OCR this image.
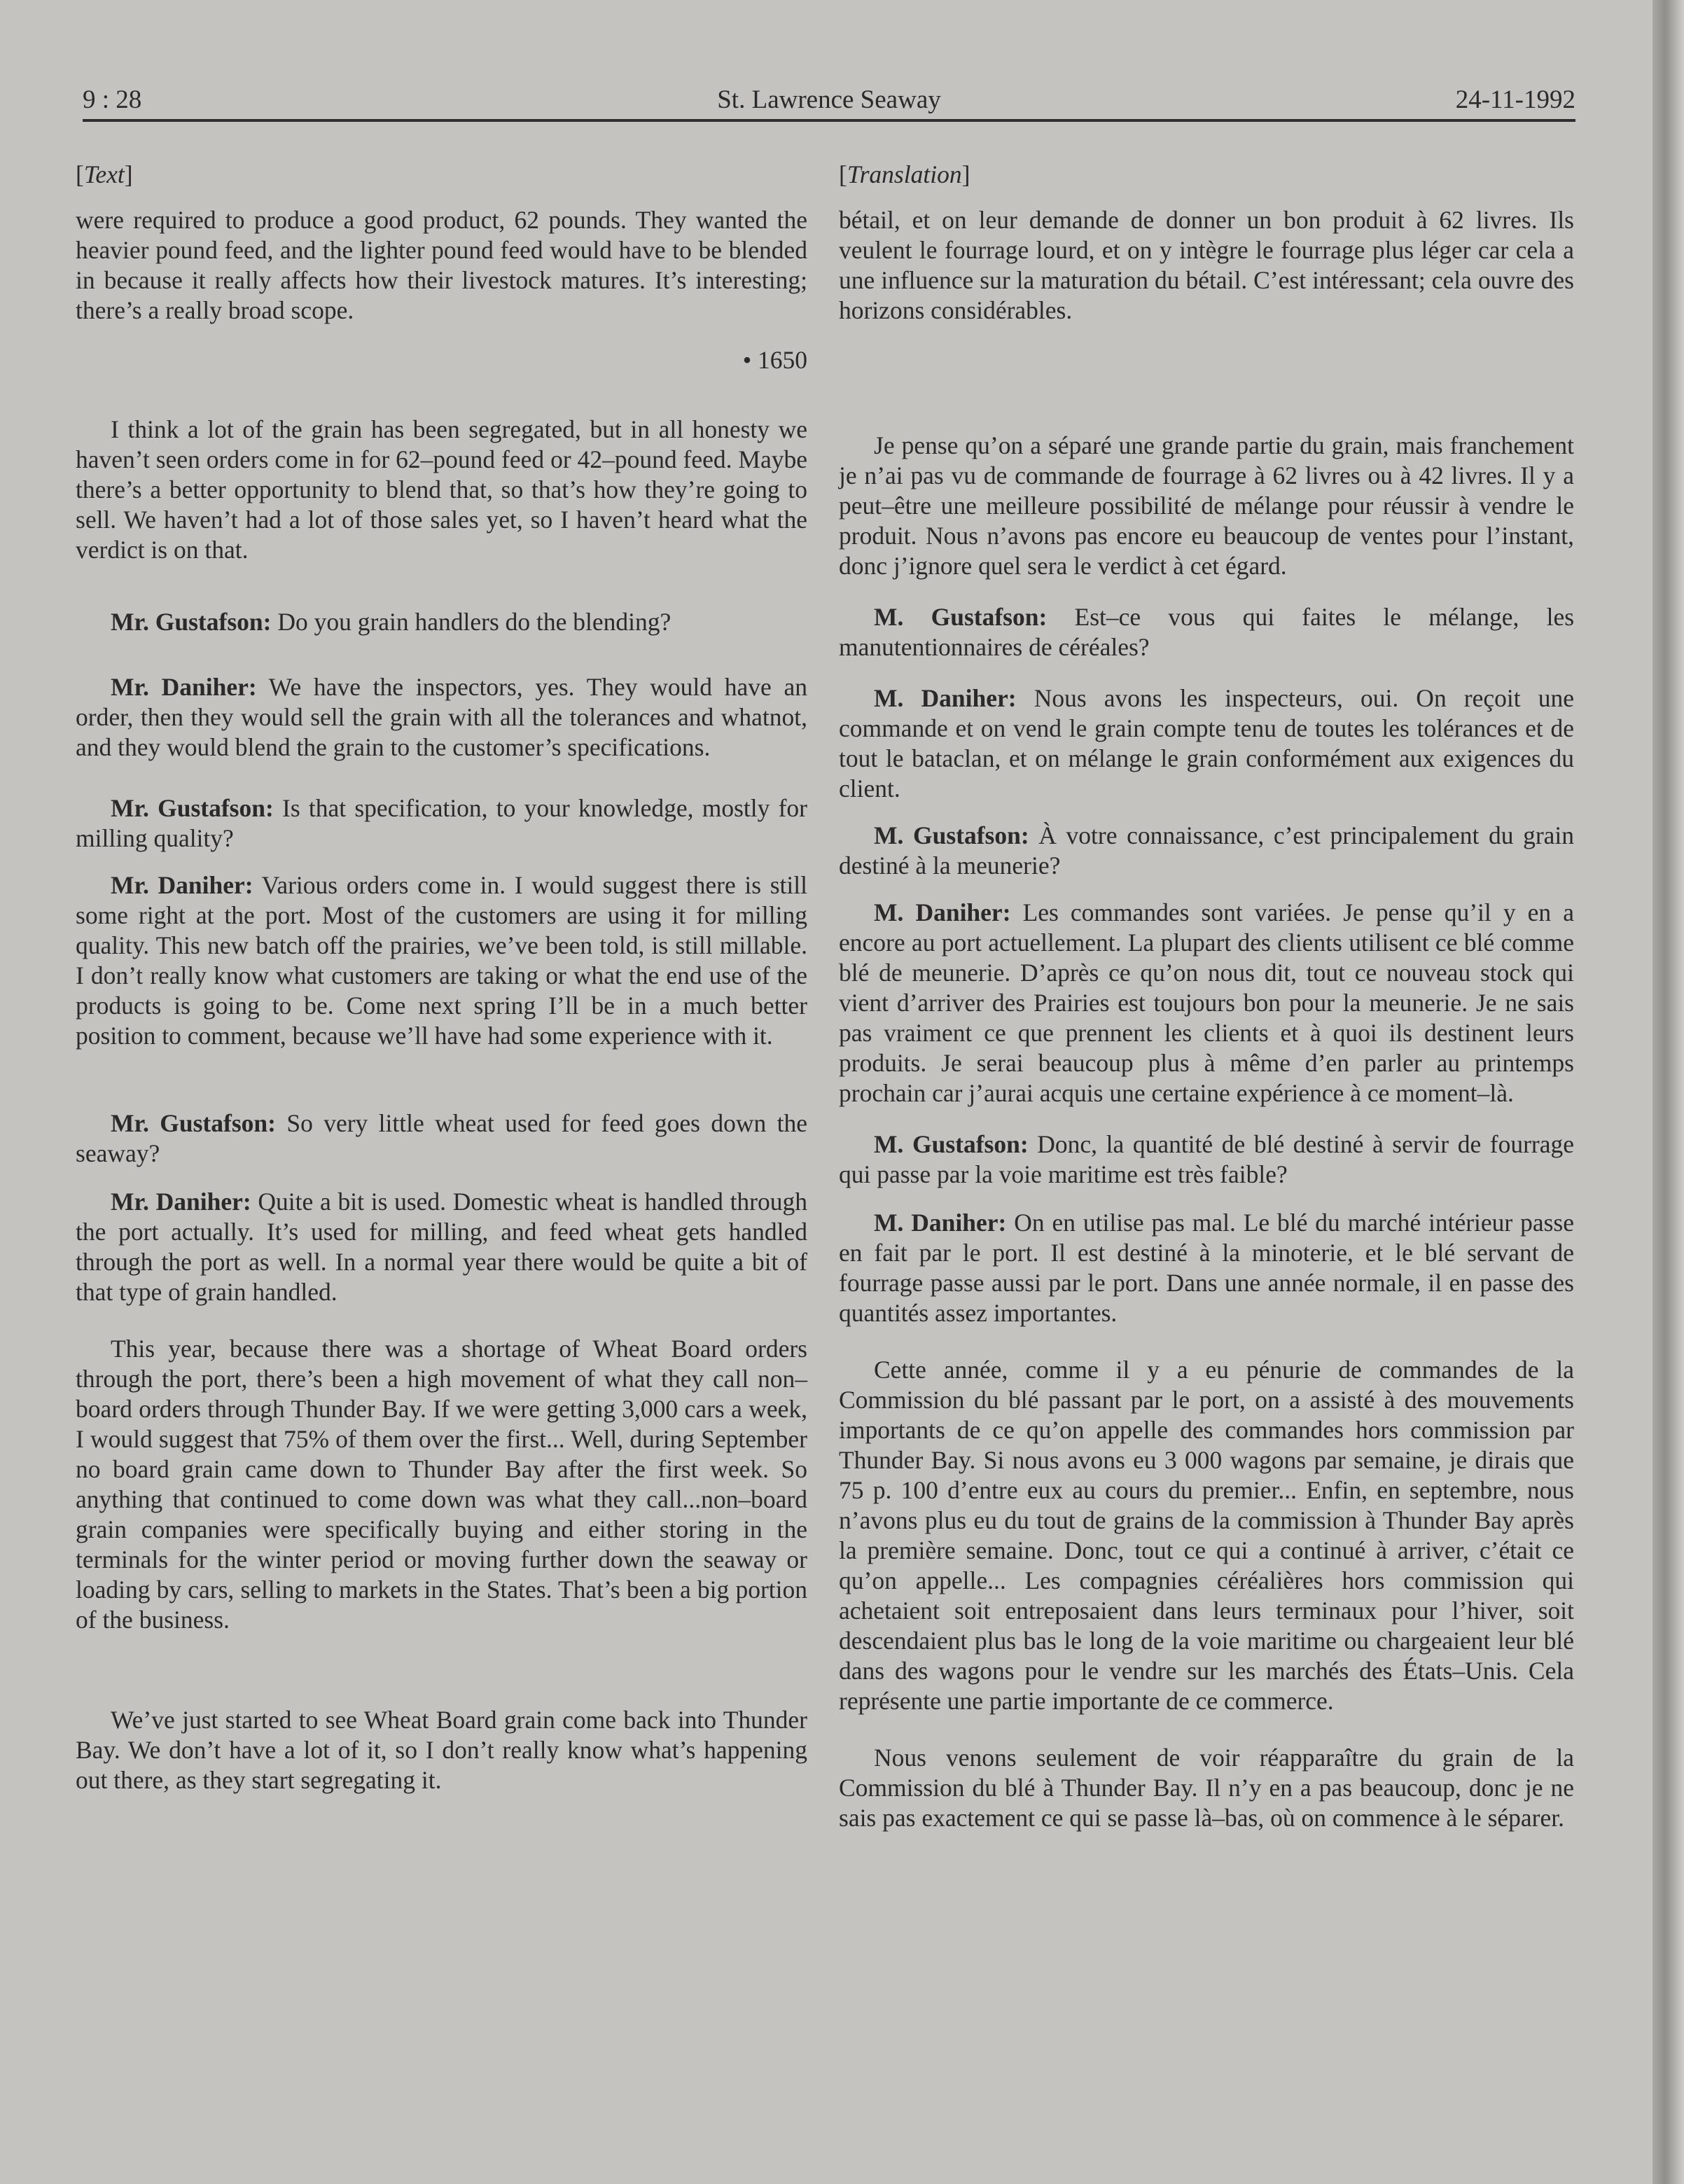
9 : 28	St. Lawrence Seaway	24-11-1992
[Text]

were required to produce a good product, 62 pounds. They wanted the heavier pound feed, and the lighter pound feed would have to be blended in because it really affects how their livestock matures. It’s interesting; there’s a really broad scope.

• 1650

I think a lot of the grain has been segregated, but in all honesty we haven’t seen orders come in for 62–pound feed or 42–pound feed. Maybe there’s a better opportunity to blend that, so that’s how they’re going to sell. We haven’t had a lot of those sales yet, so I haven’t heard what the verdict is on that.

Mr. Gustafson: Do you grain handlers do the blending?

Mr. Daniher: We have the inspectors, yes. They would have an order, then they would sell the grain with all the tolerances and whatnot, and they would blend the grain to the customer’s specifications.

Mr. Gustafson: Is that specification, to your knowledge, mostly for milling quality?

Mr. Daniher: Various orders come in. I would suggest there is still some right at the port. Most of the customers are using it for milling quality. This new batch off the prairies, we’ve been told, is still millable. I don’t really know what customers are taking or what the end use of the products is going to be. Come next spring I’ll be in a much better position to comment, because we’ll have had some experience with it.

Mr. Gustafson: So very little wheat used for feed goes down the seaway?

Mr. Daniher: Quite a bit is used. Domestic wheat is handled through the port actually. It’s used for milling, and feed wheat gets handled through the port as well. In a normal year there would be quite a bit of that type of grain handled.

This year, because there was a shortage of Wheat Board orders through the port, there’s been a high movement of what they call non–board orders through Thunder Bay. If we were getting 3,000 cars a week, I would suggest that 75% of them over the first... Well, during September no board grain came down to Thunder Bay after the first week. So anything that continued to come down was what they call...non–board grain companies were specifically buying and either storing in the terminals for the winter period or moving further down the seaway or loading by cars, selling to markets in the States. That’s been a big portion of the business.

We’ve just started to see Wheat Board grain come back into Thunder Bay. We don’t have a lot of it, so I don’t really know what’s happening out there, as they start segregating it.

[Translation]

bétail, et on leur demande de donner un bon produit à 62 livres. Ils veulent le fourrage lourd, et on y intègre le fourrage plus léger car cela a une influence sur la maturation du bétail. C’est intéressant; cela ouvre des horizons considérables.

Je pense qu’on a séparé une grande partie du grain, mais franchement je n’ai pas vu de commande de fourrage à 62 livres ou à 42 livres. Il y a peut–être une meilleure possibilité de mélange pour réussir à vendre le produit. Nous n’avons pas encore eu beaucoup de ventes pour l’instant, donc j’ignore quel sera le verdict à cet égard.

M. Gustafson: Est–ce vous qui faites le mélange, les manutentionnaires de céréales?

M. Daniher: Nous avons les inspecteurs, oui. On reçoit une commande et on vend le grain compte tenu de toutes les tolérances et de tout le bataclan, et on mélange le grain conformément aux exigences du client.

M. Gustafson: À votre connaissance, c’est principalement du grain destiné à la meunerie?

M. Daniher: Les commandes sont variées. Je pense qu’il y en a encore au port actuellement. La plupart des clients utilisent ce blé comme blé de meunerie. D’après ce qu’on nous dit, tout ce nouveau stock qui vient d’arriver des Prairies est toujours bon pour la meunerie. Je ne sais pas vraiment ce que prennent les clients et à quoi ils destinent leurs produits. Je serai beaucoup plus à même d’en parler au printemps prochain car j’aurai acquis une certaine expérience à ce moment–là.

M. Gustafson: Donc, la quantité de blé destiné à servir de fourrage qui passe par la voie maritime est très faible?

M. Daniher: On en utilise pas mal. Le blé du marché intérieur passe en fait par le port. Il est destiné à la minoterie, et le blé servant de fourrage passe aussi par le port. Dans une année normale, il en passe des quantités assez importantes.

Cette année, comme il y a eu pénurie de commandes de la Commission du blé passant par le port, on a assisté à des mouvements importants de ce qu’on appelle des commandes hors commission par Thunder Bay. Si nous avons eu 3 000 wagons par semaine, je dirais que 75 p. 100 d’entre eux au cours du premier... Enfin, en septembre, nous n’avons plus eu du tout de grains de la commission à Thunder Bay après la première semaine. Donc, tout ce qui a continué à arriver, c’était ce qu’on appelle... Les compagnies céréalières hors commission qui achetaient soit entreposaient dans leurs terminaux pour l’hiver, soit descendaient plus bas le long de la voie maritime ou chargeaient leur blé dans des wagons pour le vendre sur les marchés des États–Unis. Cela représente une partie importante de ce commerce.

Nous venons seulement de voir réapparaître du grain de la Commission du blé à Thunder Bay. Il n’y en a pas beaucoup, donc je ne sais pas exactement ce qui se passe là–bas, où on commence à le séparer.
